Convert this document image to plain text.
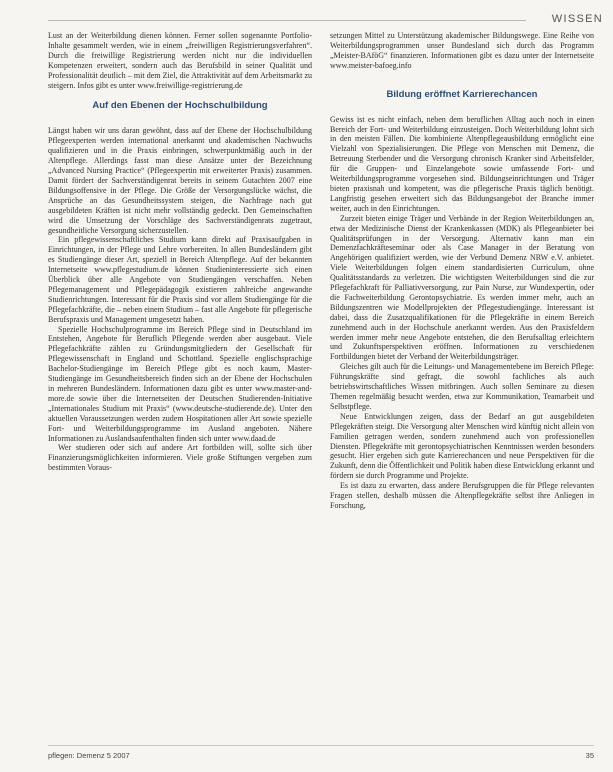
WISSEN

Lust an der Weiterbildung dienen können. Ferner sollen sogenannte Portfolio-Inhalte gesammelt werden, wie in einem „freiwilligen Registrierungsverfahren“. Durch die freiwillige Registrierung werden nicht nur die individuellen Kompetenzen erweitert, sondern auch das Berufsbild in seiner Qualität und Professionalität deutlich – mit dem Ziel, die Attraktivität auf dem Arbeitsmarkt zu steigern. Infos gibt es unter www.freiwillige-registrierung.de

Auf den Ebenen der Hochschulbildung

Längst haben wir uns daran gewöhnt, dass auf der Ebene der Hochschulbildung Pflegeexperten werden international anerkannt und akademischen Nachwuchs qualifizieren und in die Praxis einbringen, schwerpunktmäßig auch in der Altenpflege. Allerdings fasst man diese Ansätze unter der Bezeichnung „Advanced Nursing Practice“ (Pflegeexpertin mit erweiterter Praxis) zusammen. Damit fördert der Sachverständigenrat bereits in seinem Gutachten 2007 eine Bildungsoffensive in der Pflege. Die Größe der Versorgungslücke wächst, die Ansprüche an das Gesundheitssystem steigen, die Nachfrage nach gut ausgebildeten Kräften ist nicht mehr vollständig gedeckt. Den Gemeinschaften wird die Umsetzung der Vorschläge des Sachverständigenrats zugetraut, gesundheitliche Versorgung sicherzustellen.

Ein pflegewissenschaftliches Studium kann direkt auf Praxisaufgaben in Einrichtungen, in der Pflege und Lehre vorbereiten. In allen Bundesländern gibt es Studiengänge dieser Art, speziell in Bereich Altenpflege. Auf der bekannten Internetseite www.pflegestudium.de können Studieninteressierte sich einen Überblick über alle Angebote von Studiengängen verschaffen. Neben Pflegemanagement und Pflegepädagogik existieren zahlreiche angewandte Studienrichtungen. Interessant für die Praxis sind vor allem Studiengänge für die Pflegefachkräfte, die – neben einem Studium – fast alle Angebote für pflegerische Berufspraxis und Management umgesetzt haben.

Spezielle Hochschulprogramme im Bereich Pflege sind in Deutschland im Entstehen, Angebote für Beruflich Pflegende werden aber ausgebaut. Viele Pflegefachkräfte zählen zu Gründungsmitgliedern der Gesellschaft für Pflegewissenschaft in England und Schottland. Spezielle englischsprachige Bachelor-Studiengänge im Bereich Pflege gibt es noch kaum, Master-Studiengänge im Gesundheitsbereich finden sich an der Ebene der Hochschulen in mehreren Bundesländern. Informationen dazu gibt es unter www.master-and-more.de sowie über die Internetseiten der Deutschen Studierenden-Initiative „Internationales Studium mit Praxis“ (www.deutsche-studierende.de). Unter den aktuellen Voraussetzungen werden zudem Hospitationen aller Art sowie spezielle Fort- und Weiterbildungsprogramme im Ausland angeboten. Nähere Informationen zu Auslandsaufenthalten finden sich unter www.daad.de

Wer studieren oder sich auf andere Art fortbilden will, sollte sich über Finanzierungsmöglichkeiten informieren. Viele große Stiftungen vergeben zum bestimmten Voraus-

setzungen Mittel zu Unterstützung akademischer Bildungswege. Eine Reihe von Weiterbildungsprogrammen unser Bundesland sich durch das Programm „Meister-BAföG“ finanzieren. Informationen gibt es dazu unter der Internetseite www.meister-bafoeg.info

Bildung eröffnet Karrierechancen

Gewiss ist es nicht einfach, neben dem beruflichen Alltag auch noch in einen Bereich der Fort- und Weiterbildung einzusteigen. Doch Weiterbildung lohnt sich in den meisten Fällen. Die kombinierte Altenpflegeausbildung ermöglicht eine Vielzahl von Spezialisierungen. Die Pflege von Menschen mit Demenz, die Betreuung Sterbender und die Versorgung chronisch Kranker sind Arbeitsfelder, für die Gruppen- und Einzelangebote sowie umfassende Fort- und Weiterbildungsprogramme vorgesehen sind. Bildungseinrichtungen und Träger bieten praxisnah und kompetent, was die pflegerische Praxis täglich benötigt. Langfristig gesehen erweitert sich das Bildungsangebot der Branche immer weiter, auch in den Einrichtungen.

Zurzeit bieten einige Träger und Verbände in der Region Weiterbildungen an, etwa der Medizinische Dienst der Krankenkassen (MDK) als Pflegeanbieter bei Qualitätsprüfungen in der Versorgung. Alternativ kann man ein Demenzfachkräfteseminar oder als Case Manager in der Beratung von Angehörigen qualifiziert werden, wie der Verbund Demenz NRW e.V. anbietet. Viele Weiterbildungen folgen einem standardisierten Curriculum, ohne Qualitätsstandards zu verletzen. Die wichtigsten Weiterbildungen sind die zur Pflegefachkraft für Palliativversorgung, zur Pain Nurse, zur Wundexpertin, oder die Fachweiterbildung Gerontopsychiatrie. Es werden immer mehr, auch an Bildungszentren wie Modellprojekten der Pflegestudiengänge. Interessant ist dabei, dass die Zusatzqualifikationen für die Pflegekräfte in einem Bereich zunehmend auch in der Hochschule anerkannt werden. Aus den Praxisfeldern werden immer mehr neue Angebote entstehen, die den Berufsalltag erleichtern und Zukunftsperspektiven eröffnen. Informationen zu verschiedenen Fortbildungen bietet der Verband der Weiterbildungsträger.

Gleiches gilt auch für die Leitungs- und Managementebene im Bereich Pflege: Führungskräfte sind gefragt, die sowohl fachliches als auch betriebswirtschaftliches Wissen mitbringen. Auch sollen Seminare zu diesen Themen regelmäßig besucht werden, etwa zur Kommunikation, Teamarbeit und Selbstpflege.

Neue Entwicklungen zeigen, dass der Bedarf an gut ausgebildeten Pflegekräften steigt. Die Versorgung alter Menschen wird künftig nicht allein von Familien getragen werden, sondern zunehmend auch von professionellen Diensten. Pflegekräfte mit gerontopsychiatrischen Kenntnissen werden besonders gesucht. Hier ergeben sich gute Karrierechancen und neue Perspektiven für die Zukunft, denn die Öffentlichkeit und Politik haben diese Entwicklung erkannt und fördern sie durch Programme und Projekte.

Es ist dazu zu erwarten, dass andere Berufsgruppen die für Pflege relevanten Fragen stellen, deshalb müssen die Altenpflegekräfte selbst ihre Anliegen in Forschung,

pflegen: Demenz 5 2007	35
